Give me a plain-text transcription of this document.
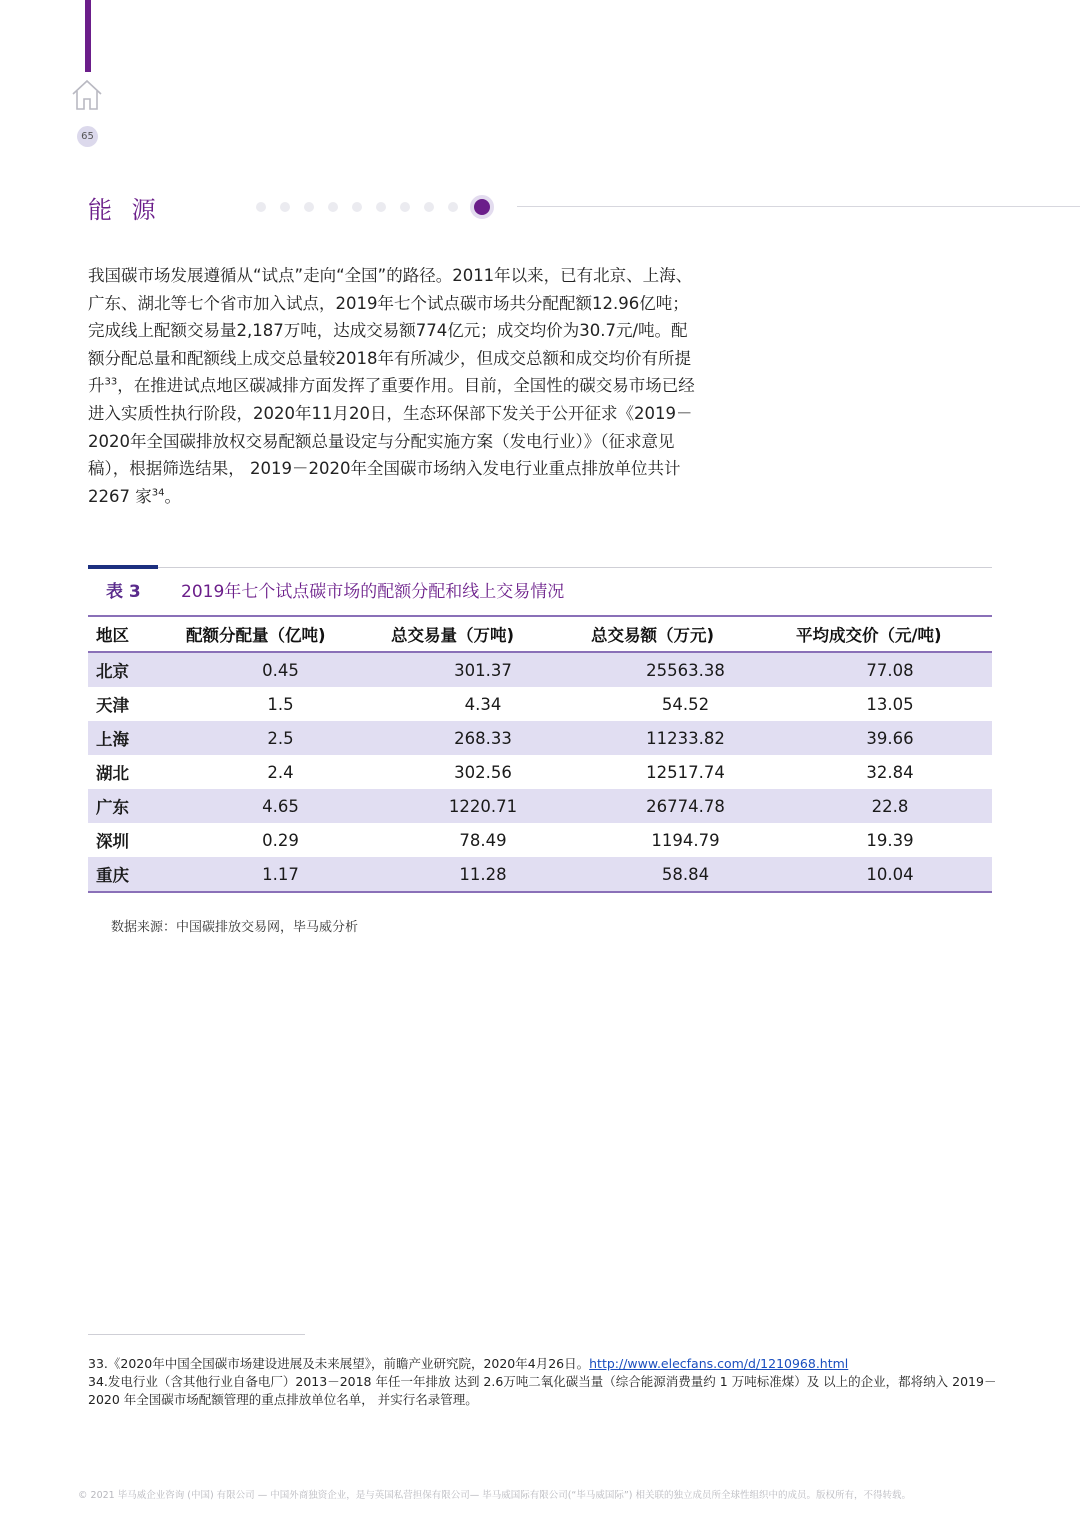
65
能 源

我国碳市场发展遵循从“试点”走向“全国”的路径。2011年以来，已有北京、上海、广东、湖北等七个省市加入试点，2019年七个试点碳市场共分配配额12.96亿吨；完成线上配额交易量2,187万吨，达成交易额774亿元；成交均价为30.7元/吨。配额分配总量和配额线上成交总量较2018年有所减少，但成交总额和成交均价有所提升$^{33}$，在推进试点地区碳减排方面发挥了重要作用。目前，全国性的碳交易市场已经进入实质性执行阶段，2020年11月20日，生态环保部下发关于公开征求《2019－2020年全国碳排放权交易配额总量设定与分配实施方案（发电行业）》（征求意见稿），根据筛选结果， 2019－2020年全国碳市场纳入发电行业重点排放单位共计 2267 家$^{34}$。

表 3 2019年七个试点碳市场的配额分配和线上交易情况
地区	配额分配量（亿吨)	总交易量（万吨)	总交易额（万元)	平均成交价（元/吨)
北京	0.45	301.37	25563.38	77.08
天津	1.5	4.34	54.52	13.05
上海	2.5	268.33	11233.82	39.66
湖北	2.4	302.56	12517.74	32.84
广东	4.65	1220.71	26774.78	22.8
深圳	0.29	78.49	1194.79	19.39
重庆	1.17	11.28	58.84	10.04
数据来源：中国碳排放交易网，毕马威分析
33.《2020年中国全国碳市场建设进展及未来展望》，前瞻产业研究院，2020年4月26日。http://www.elecfans.com/d/1210968.html
34.发电行业（含其他行业自备电厂）2013－2018 年任一年排放 达到 2.6万吨二氧化碳当量（综合能源消费量约 1 万吨标准煤）及 以上的企业，都将纳入 2019－2020 年全国碳市场配额管理的重点排放单位名单， 并实行名录管理。
© 2021 毕马威企业咨询 (中国) 有限公司 — 中国外商独资企业，是与英国私营担保有限公司— 毕马威国际有限公司(“毕马威国际”) 相关联的独立成员所全球性组织中的成员。版权所有，不得转载。
